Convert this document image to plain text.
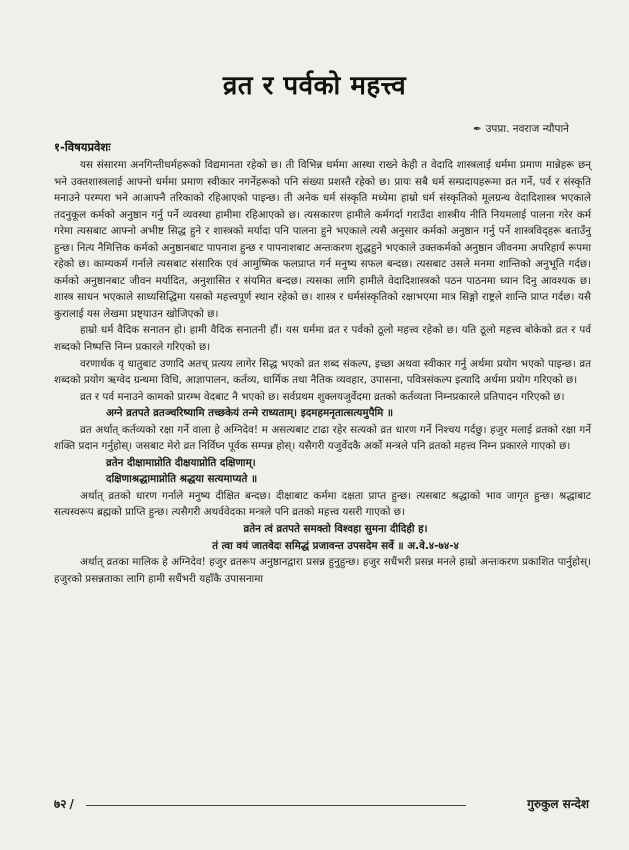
व्रत र पर्वको महत्त्व
✒ उपप्रा. नवराज न्यौपाने
१-विषयप्रवेशः

यस संसारमा अनगिन्तीधर्महरूको विद्यमानता रहेको छ। ती विभिन्न धर्ममा आस्था राख्ने केही त वेदादि शास्त्रलाई धर्ममा प्रमाण मान्नेहरू छन् भने उक्तशास्त्रलाई आफ्नो धर्ममा प्रमाण स्वीकार नगर्नेहरूको पनि संख्या प्रशस्तै रहेको छ। प्रायः सबै धर्म सम्प्रदायहरूमा व्रत गर्ने, पर्व र संस्कृति मनाउने परम्परा भने आआफ्नै तरिकाको रहिआएको पाइन्छ। ती अनेक धर्म संस्कृति मध्येमा हाम्रो धर्म संस्कृतिको मूलग्रन्थ वेदादिशास्त्र भएकाले तदनुकूल कर्मको अनुष्ठान गर्नु पर्ने व्यवस्था हामीमा रहिआएको छ। त्यसकारण हामीले कर्मगर्दा गराउँदा शास्त्रीय नीति नियमलाई पालना गरेर कर्म गरेमा त्यसबाट आफ्नो अभीष्ट सिद्ध हुने र शास्त्रको मर्यादा पनि पालना हुने भएकाले त्यसै अनुसार कर्मको अनुष्ठान गर्नु पर्ने शास्त्रविद्हरू बताउँनु हुन्छ। नित्य नैमित्तिक कर्मको अनुष्ठानबाट पापनाश हुन्छ र पापनाशबाट अन्तःकरण शुद्धहुने भएकाले उक्तकर्मको अनुष्ठान जीवनमा अपरिहार्य रूपमा रहेको छ। काम्यकर्म गर्नाले त्यसबाट संसारिक एवं आमुष्मिक फलप्राप्त गर्न मनुष्य सफल बन्दछ। त्यसबाट उसले मनमा शान्तिको अनुभूति गर्दछ। कर्मको अनुष्ठानबाट जीवन मर्यादित, अनुशासित र संयमित बन्दछ। त्यसका लागि हामीले वेदादिशास्त्रको पठन पाठनमा ध्यान दिनु आवश्यक छ। शास्त्र साधन भएकाले साध्यसिद्धिमा यसको महत्त्वपूर्ण स्थान रहेको छ। शास्त्र र धर्मसंस्कृतिको रक्षाभएमा मात्र सिङ्गो राष्ट्रले शान्ति प्राप्त गर्दछ। यसै कुरालाई यस लेखमा प्रष्ट्याउन खोजिएको छ।

हाम्रो धर्म वैदिक सनातन हो। हामी वैदिक सनातनी हौं। यस धर्ममा व्रत र पर्वको ठूलो महत्त्व रहेको छ। यति ठूलो महत्त्व बोकेको व्रत र पर्व शब्दको निष्पत्ति निम्न प्रकारले गरिएको छ।

वरणार्थक वृ धातुबाट उणादि अतच् प्रत्यय लागेर सिद्ध भएको व्रत शब्द संकल्प, इच्छा अथवा स्वीकार गर्नु अर्थमा प्रयोग भएको पाइन्छ। व्रत शब्दको प्रयोग ऋग्वेद ग्रन्थमा विधि, आज्ञापालन, कर्तव्य, धार्मिक तथा नैतिक व्यवहार, उपासना, पवित्रसंकल्प इत्यादि अर्थमा प्रयोग गरिएको छ।

व्रत र पर्व मनाउने कामको प्रारम्भ वेदबाट नै भएको छ। सर्वप्रथम शुक्लयजुर्वेदमा व्रतको कर्तव्यता निम्नप्रकारले प्रतिपादन गरिएको छ।

अग्ने व्रतपते व्रतञ्चरिष्यामि तच्छकेयं तन्मे राध्यताम्। इदमहमनृतात्सत्यमुपैमि ॥

व्रत अर्थात् कर्तव्यको रक्षा गर्ने वाला हे अग्निदेव! म असत्यबाट टाढा रहेर सत्यको व्रत धारण गर्ने निश्चय गर्दछु। हजुर मलाई व्रतको रक्षा गर्ने शक्ति प्रदान गर्नुहोस्। जसबाट मेरो व्रत निर्विघ्न पूर्वक सम्पन्न होस्। यसैगरी यजुर्वेदकै अर्को मन्त्रले पनि व्रतको महत्त्व निम्न प्रकारले गाएको छ।

व्रतेन दीक्षामाप्नोति दीक्षयाप्नोति दक्षिणाम्।

दक्षिणाश्रद्धामाप्नोति श्रद्धया सत्यमाप्यते ॥

अर्थात् व्रतको धारण गर्नाले मनुष्य दीक्षित बन्दछ। दीक्षाबाट कर्ममा दक्षता प्राप्त हुन्छ। त्यसबाट श्रद्धाको भाव जागृत हुन्छ। श्रद्धाबाट सत्यस्वरूप ब्रह्मको प्राप्ति हुन्छ। त्यसैगरी अथर्ववेदका मन्त्रले पनि व्रतको महत्त्व यसरी गाएको छ।

व्रतेन त्वं व्रतपते समक्तो विश्वहा सुमना दीदिही ह।

तं त्वा वयं जातवेदः समिद्धं प्रजावन्त उपसदेम सर्वे ॥ अ.वे.४-७४-४

अर्थात् व्रतका मालिक हे अग्निदेव! हजुर व्रतरूप अनुष्ठानद्वारा प्रसन्न हुनुहुन्छ। हजुर सधैंभरी प्रसन्न मनले हाम्रो अन्तःकरण प्रकाशित पार्नुहोस्। हजुरको प्रसन्नताका लागि हामी सधैंभरी यहाँकै उपासनामा

७२ /	गुरुकुल सन्देश
